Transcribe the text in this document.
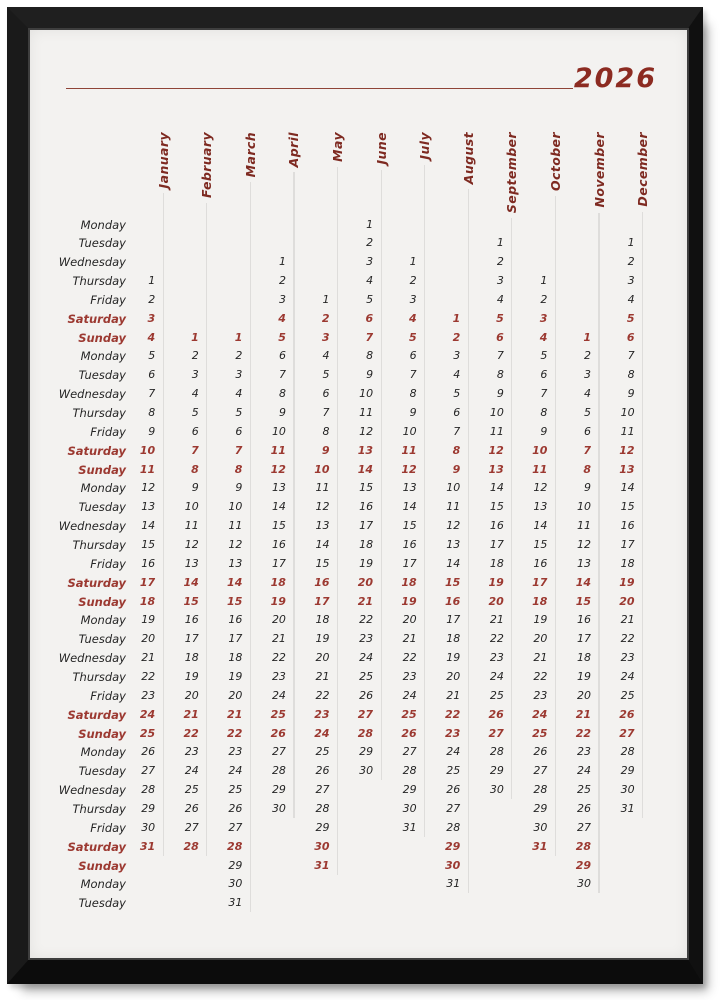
2026
Monday
Tuesday
Wednesday
Thursday
Friday
Saturday
Sunday
Monday
Tuesday
Wednesday
Thursday
Friday
Saturday
Sunday
Monday
Tuesday
Wednesday
Thursday
Friday
Saturday
Sunday
Monday
Tuesday
Wednesday
Thursday
Friday
Saturday
Sunday
Monday
Tuesday
Wednesday
Thursday
Friday
Saturday
Sunday
Monday
Tuesday
January
1
2
3
4
5
6
7
8
9
10
11
12
13
14
15
16
17
18
19
20
21
22
23
24
25
26
27
28
29
30
31
February
1
2
3
4
5
6
7
8
9
10
11
12
13
14
15
16
17
18
19
20
21
22
23
24
25
26
27
28
March
1
2
3
4
5
6
7
8
9
10
11
12
13
14
15
16
17
18
19
20
21
22
23
24
25
26
27
28
29
30
31
April
1
2
3
4
5
6
7
8
9
10
11
12
13
14
15
16
17
18
19
20
21
22
23
24
25
26
27
28
29
30
May
1
2
3
4
5
6
7
8
9
10
11
12
13
14
15
16
17
18
19
20
21
22
23
24
25
26
27
28
29
30
31
June
1
2
3
4
5
6
7
8
9
10
11
12
13
14
15
16
17
18
19
20
21
22
23
24
25
26
27
28
29
30
July
1
2
3
4
5
6
7
8
9
10
11
12
13
14
15
16
17
18
19
20
21
22
23
24
25
26
27
28
29
30
31
August
1
2
3
4
5
6
7
8
9
10
11
12
13
14
15
16
17
18
19
20
21
22
23
24
25
26
27
28
29
30
31
September
1
2
3
4
5
6
7
8
9
10
11
12
13
14
15
16
17
18
19
20
21
22
23
24
25
26
27
28
29
30
October
1
2
3
4
5
6
7
8
9
10
11
12
13
14
15
16
17
18
19
20
21
22
23
24
25
26
27
28
29
30
31
November
1
2
3
4
5
6
7
8
9
10
11
12
13
14
15
16
17
18
19
20
21
22
23
24
25
26
27
28
29
30
December
1
2
3
4
5
6
7
8
9
10
11
12
13
14
15
16
17
18
19
20
21
22
23
24
25
26
27
28
29
30
31
